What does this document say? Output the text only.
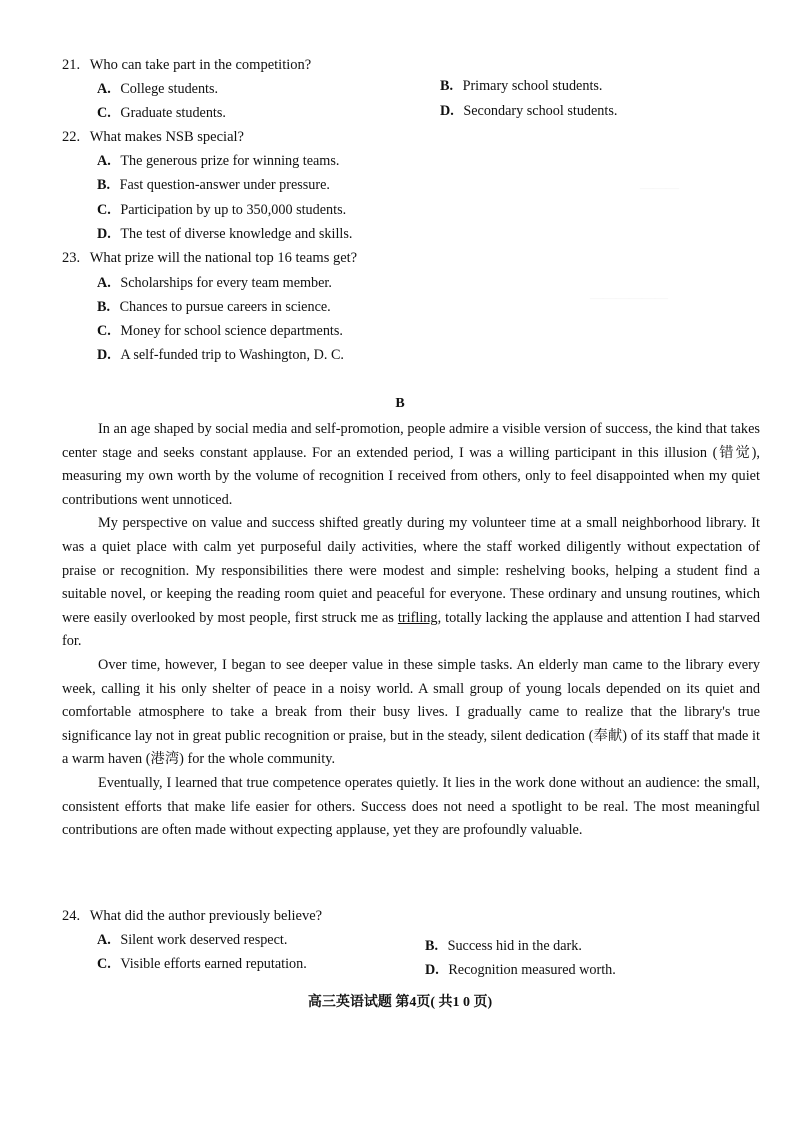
———
——————
21. Who can take part in the competition?
A. College students.	B. Primary school students.
C. Graduate students.	D. Secondary school students.
22. What makes NSB special?
A. The generous prize for winning teams.
B. Fast question-answer under pressure.
C. Participation by up to 350,000 students.
D. The test of diverse knowledge and skills.
23. What prize will the national top 16 teams get?
A. Scholarships for every team member.
B. Chances to pursue careers in science.
C. Money for school science departments.
D. A self-funded trip to Washington, D. C.
B

In an age shaped by social media and self-promotion, people admire a visible version of success, the kind that takes center stage and seeks constant applause. For an extended period, I was a willing participant in this illusion (错觉), measuring my own worth by the volume of recognition I received from others, only to feel disappointed when my quiet contributions went unnoticed.

My perspective on value and success shifted greatly during my volunteer time at a small neighborhood library. It was a quiet place with calm yet purposeful daily activities, where the staff worked diligently without expectation of praise or recognition. My responsibilities there were modest and simple: reshelving books, helping a student find a suitable novel, or keeping the reading room quiet and peaceful for everyone. These ordinary and unsung routines, which were easily overlooked by most people, first struck me as trifling, totally lacking the applause and attention I had starved for.

Over time, however, I began to see deeper value in these simple tasks. An elderly man came to the library every week, calling it his only shelter of peace in a noisy world. A small group of young locals depended on its quiet and comfortable atmosphere to take a break from their busy lives. I gradually came to realize that the library's true significance lay not in great public recognition or praise, but in the steady, silent dedication (奉献) of its staff that made it a warm haven (港湾) for the whole community.

Eventually, I learned that true competence operates quietly. It lies in the work done without an audience: the small, consistent efforts that make life easier for others. Success does not need a spotlight to be real. The most meaningful contributions are often made without expecting applause, yet they are profoundly valuable.

24. What did the author previously believe?
A. Silent work deserved respect.	B. Success hid in the dark.
C. Visible efforts earned reputation.	D. Recognition measured worth.
高三英语试题 第4页( 共1 0 页)
